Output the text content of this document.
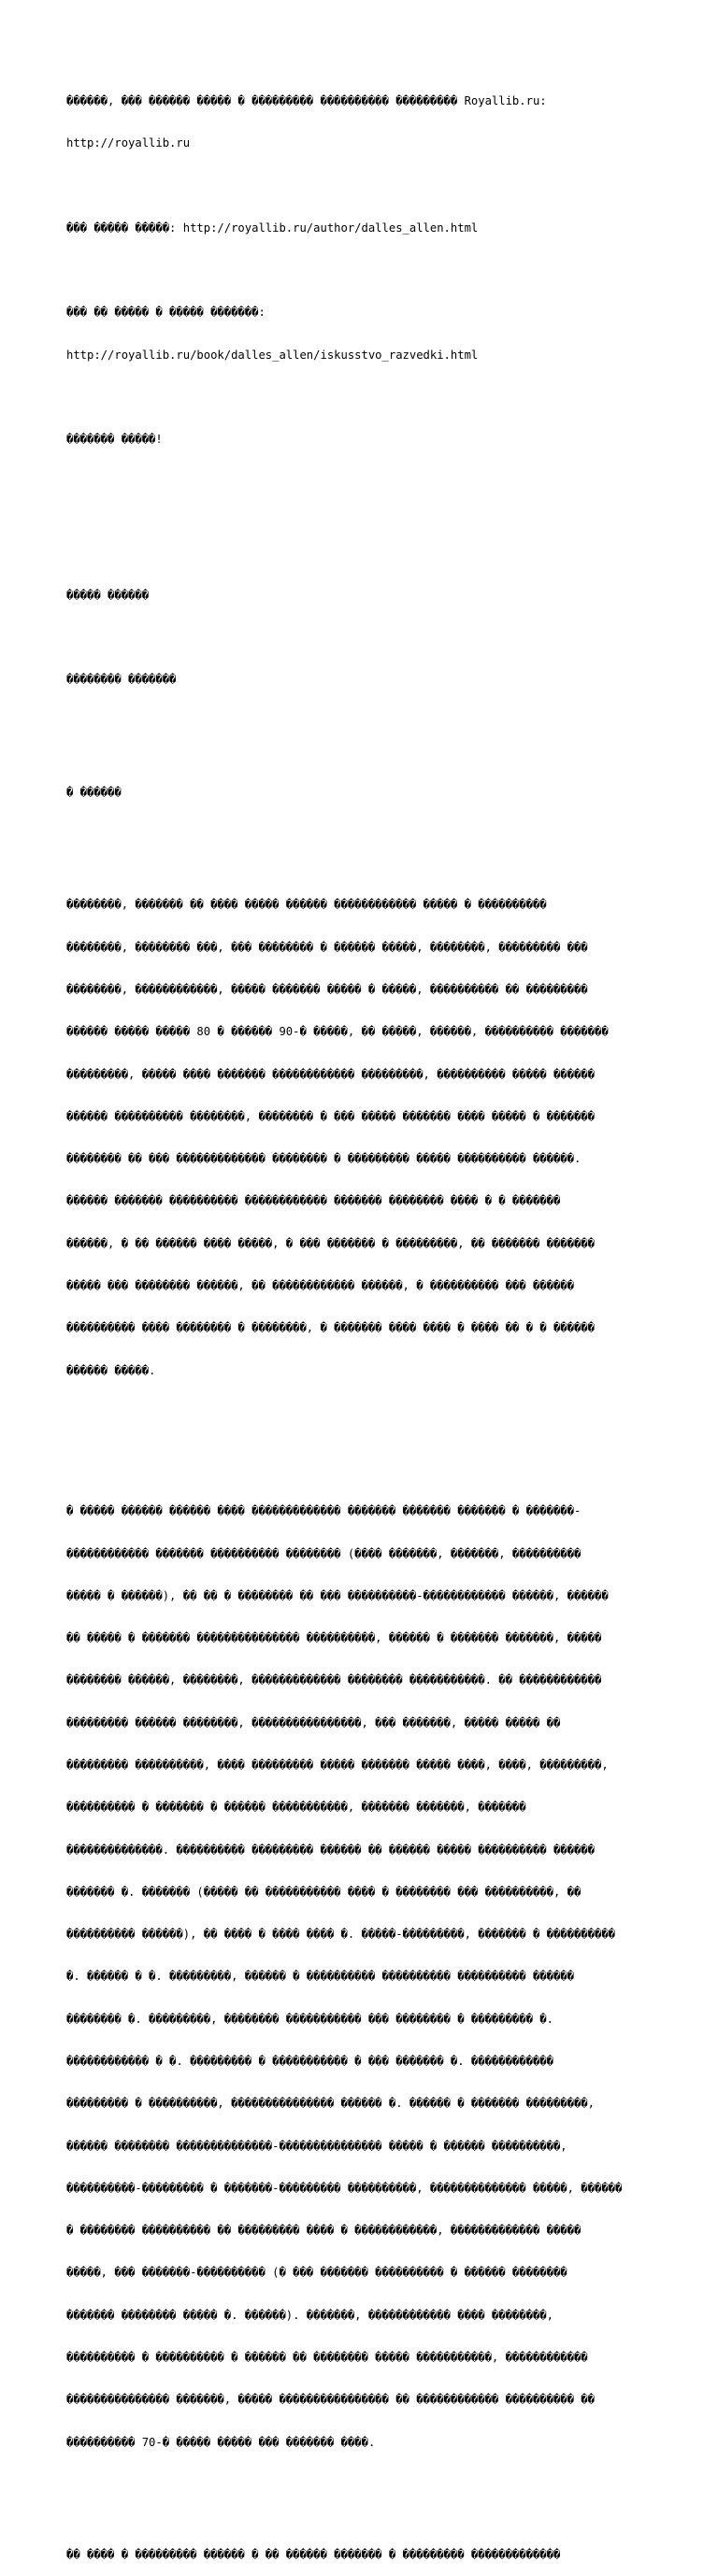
������, ��� ������ ����� � ��������� ���������� ��������� Royallib.ru:

http://royallib.ru

��� ����� �����: http://royallib.ru/author/dalles_allen.html

��� �� ����� � ����� �������:

http://royallib.ru/book/dalles_allen/iskusstvo_razvedki.html

������� �����!

����� ������

�������� �������

� ������

��������, ������� �� ���� ����� ������ ������������ ����� � ����������

��������, �������� ���, ��� �������� � ������ �����, ��������, ��������� ���

��������, ������������, ����� ������� ����� � �����, ���������� �� ���������

������ ����� ����� 80 � ������ 90-� �����, �� �����, ������, ���������� �������

���������, ����� ���� ������� ������������ ���������, ���������� ����� ������

������ ���������� ��������, �������� � ��� ����� ������� ���� ����� � �������

�������� �� ��� ������������� �������� � ��������� ����� ���������� ������.

������ ������� ���������� ������������ ������� �������� ���� � � �������

������, � �� ������ ���� �����, � ��� ������� � ���������, �� ������� �������

����� ��� �������� ������, �� ������������ ������, � ���������� ��� ������

���������� ���� �������� � ��������, � ������� ���� ���� � ���� �� � � ������

������ �����.

� ����� ������ ������ ���� ������������� ������� ������� ������� � �������-

������������ ������� ���������� �������� (���� �������, �������, ����������

����� � ������), �� �� � �������� �� ��� ����������-������������ ������, ������

�� ����� � ������� ��������������� ����������, ������ � ������� �������, �����

�������� ������, ��������, ������������� �������� �����������. �� ������������

��������� ������ ��������, ����������������, ��� �������, ����� ����� ��

��������� ����������, ���� ��������� ����� ������� ����� ����, ����, ���������,

���������� � ������� � ������ �����������, ������� �������, �������

��������������. ���������� ��������� ������ �� ������ ����� ���������� ������

������� �. ������� (����� �� ����������� ���� � �������� ��� ����������, ��

���������� ������), �� ���� � ���� ���� �. �����-���������, ������� � ����������

�. ������ � �. ���������, ������ � ���������� ���������� ���������� ������

�������� �. ���������, �������� ����������� ��� �������� � ��������� �.

������������ � �. ��������� � ����������� � ��� ������� �. ������������

��������� � ����������, ��������������� ������ �. ������ � ������� ���������,

������ �������� ��������������-��������������� ����� � ������ ����������,

����������-��������� � �������-��������� ����������, �������������� �����, ������

� �������� ���������� �� ��������� ���� � ������������, ������������� �����

�����, ��� �������-���������� (� ��� ������� ���������� � ������ ��������

������� �������� ����� �. ������). �������, ������������ ���� ��������,

���������� � ���������� � ������ �� �������� ����� �����������, ������������

��������������� �������, ����� ���������������� �� ������������ ���������� ��

���������� 70-� ����� ����� ��� ������� ����.

�� ���� � ��������� ������ � �� ������ ������� � ��������� �������������
